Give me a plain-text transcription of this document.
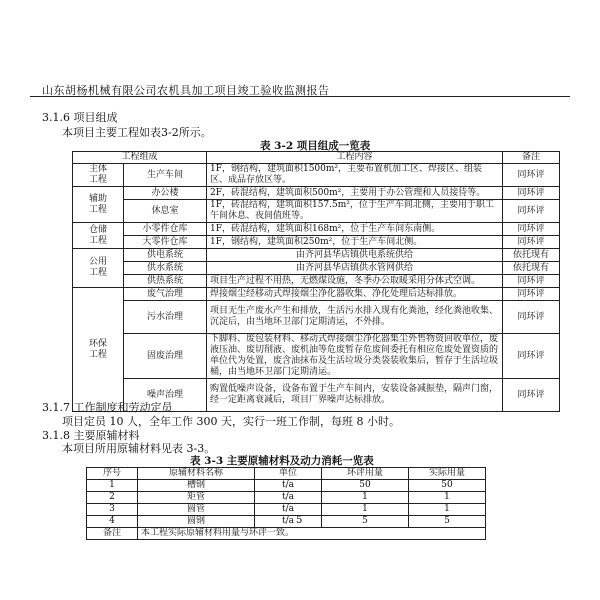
山东胡杨机械有限公司农机具加工项目竣工验收监测报告
3.1.6 项目组成
本项目主要工程如表3-2所示。
表 3-2 项目组成一览表
工程组成		工程内容	备注
主体
工程	生产车间	1F，钢结构，建筑面积1500m²，主要布置机加工区、焊接区、组装区、成品存放区等。	同环评
辅助
工程	办公楼	2F，砖混结构，建筑面积500m²，主要用于办公管理和人员接待等。	同环评
	休息室	1F，砖混结构，建筑面积157.5m²，位于生产车间北侧，主要用于职工午间休息、夜间值班等。	同环评
仓储
工程	小零件仓库	1F，砖混结构，建筑面积168m²，位于生产车间东南侧。	同环评
	大零件仓库	1F，钢结构，建筑面积250m²，位于生产车间北侧。	同环评
公用
工程	供电系统	由齐河县华店镇供电系统供给	依托现有
	供水系统	由齐河县华店镇供水管网供给	依托现有
	供热系统	项目生产过程不用热，无燃煤设施，冬季办公取暖采用分体式空调。	同环评
环保
工程	废气治理	焊接烟尘经移动式焊接烟尘净化器收集、净化处理后达标排放。	同环评
	污水治理	项目无生产废水产生和排放，生活污水排入现有化粪池，经化粪池收集、沉淀后，由当地环卫部门定期清运，不外排。	同环评
	固废治理	下脚料、废包装材料、移动式焊接烟尘净化器集尘外售物资回收单位，废液压油、废切削液、废机油等危废暂存危废间委托有相应危废处置资质的单位代为处置，废含油抹布及生活垃圾分类袋装收集后，暂存于生活垃圾桶，由当地环卫部门定期清运。	同环评
	噪声治理	购置低噪声设备，设备布置于生产车间内，安装设备减振垫，隔声门窗，经一定距离衰减后，项目厂界噪声达标排放。	同环评
3.1.7 工作制度和劳动定员
项目定员 10 人，全年工作 300 天，实行一班工作制，每班 8 小时。
3.1.8 主要原辅材料
本项目所用原辅材料见表 3-3。
表 3-3 主要原辅材料及动力消耗一览表
序号	原辅材料名称	单位	环评用量	实际用量
1	槽钢	t/a	50	50
2	矩管	t/a	1	1
3	圆管	t/a	1	1
4	圆钢	t/a	5	5
备注	本工程实际原辅材料用量与环评一致。			
5
